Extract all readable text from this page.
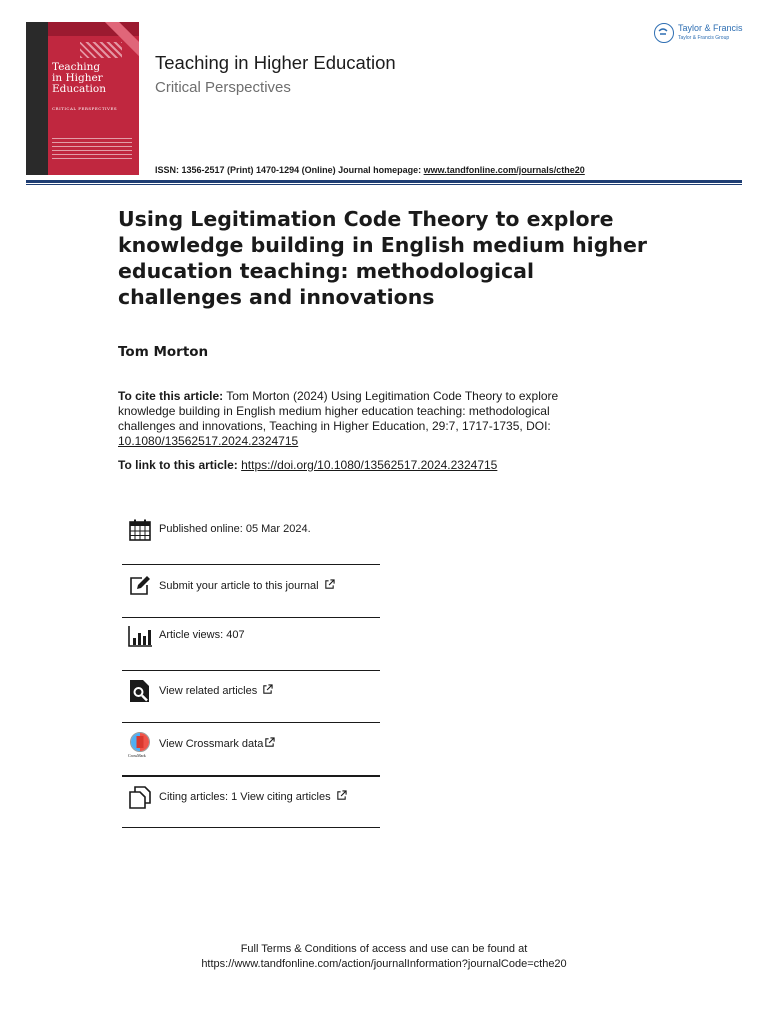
Teaching
in Higher
Education
CRITICAL PERSPECTIVES
Teaching in Higher Education
Critical Perspectives
ISSN: 1356-2517 (Print) 1470-1294 (Online) Journal homepage: www.tandfonline.com/journals/cthe20
Taylor & Francis
Taylor & Francis Group
Using Legitimation Code Theory to explore knowledge building in English medium higher education teaching: methodological challenges and innovations
Tom Morton
To cite this article: Tom Morton (2024) Using Legitimation Code Theory to explore knowledge building in English medium higher education teaching: methodological challenges and innovations, Teaching in Higher Education, 29:7, 1717-1735, DOI: 10.1080/13562517.2024.2324715
To link to this article: https://doi.org/10.1080/13562517.2024.2324715
Published online: 05 Mar 2024.
Submit your article to this journal
Article views: 407
View related articles
View Crossmark data
CrossMark
Citing articles: 1 View citing articles
Full Terms & Conditions of access and use can be found at
https://www.tandfonline.com/action/journalInformation?journalCode=cthe20
